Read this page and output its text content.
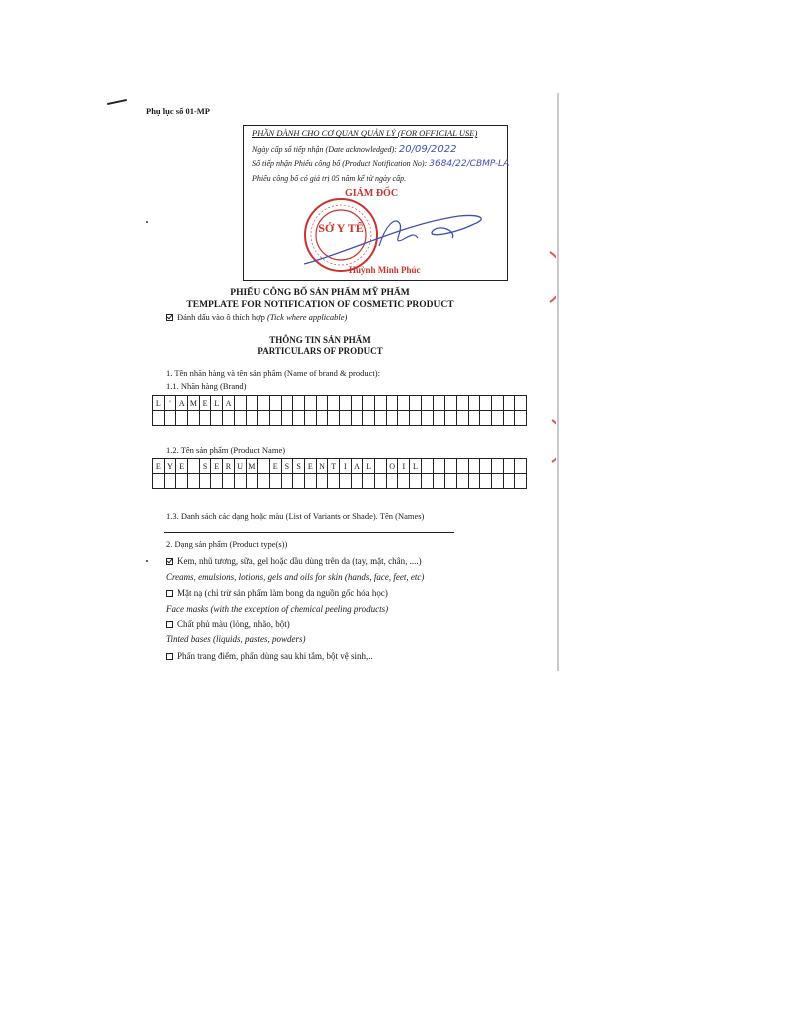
Phụ lục số 01-MP
PHẦN DÀNH CHO CƠ QUAN QUẢN LÝ (FOR OFFICIAL USE)
Ngày cấp số tiếp nhận (Date acknowledged): 20/09/2022
Số tiếp nhận Phiếu công bố (Product Notification No): 3684/22/CBMP-LA
Phiếu công bố có giá trị 05 năm kể từ ngày cấp.
GIÁM ĐỐC
SỞ Y TẾ
Huỳnh Minh Phúc
PHIẾU CÔNG BỐ SẢN PHẨM MỸ PHẨM
TEMPLATE FOR NOTIFICATION OF COSMETIC PRODUCT
Đánh dấu vào ô thích hợp (Tick where applicable)
THÔNG TIN SẢN PHẨM
PARTICULARS OF PRODUCT
1. Tên nhãn hàng và tên sản phẩm (Name of brand & product):
1.1. Nhãn hàng (Brand)
L	'	A M E L A
1.2. Tên sản phẩm (Product Name)
E Y E	S E R U M	E S S E N T I A L	O I L
1.3. Danh sách các dạng hoặc màu (List of Variants or Shade). Tên (Names)
2. Dạng sản phẩm (Product type(s))
Kem, nhũ tương, sữa, gel hoặc dầu dùng trên da (tay, mặt, chân, ....)
Creams, emulsions, lotions, gels and oils for skin (hands, face, feet, etc)
Mặt nạ (chỉ trừ sản phẩm làm bong da nguồn gốc hóa học)
Face masks (with the exception of chemical peeling products)
Chất phủ màu (lỏng, nhão, bột)
Tinted bases (liquids, pastes, powders)
Phấn trang điểm, phấn dùng sau khi tắm, bột vệ sinh,..
